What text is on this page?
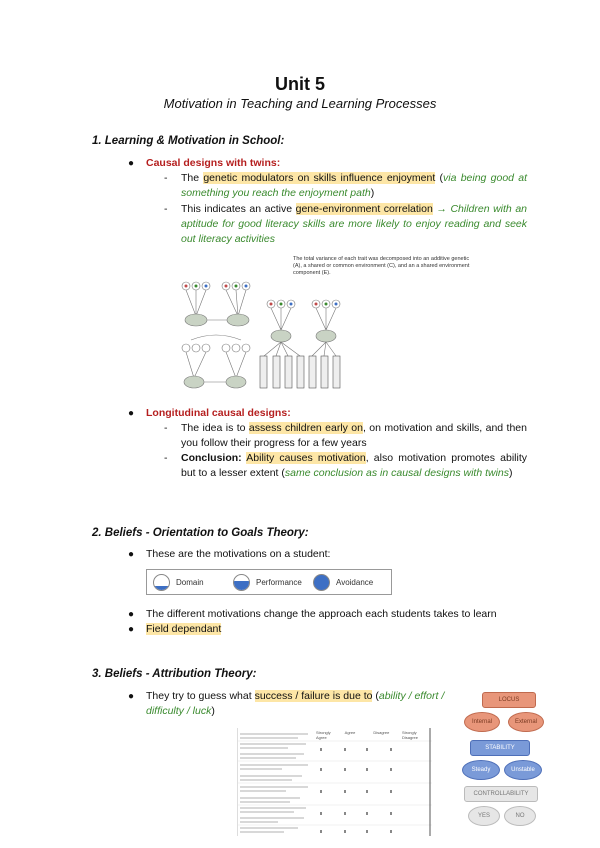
Unit 5
Motivation in Teaching and Learning Processes
1. Learning & Motivation in School:
● Causal designs with twins:
- The genetic modulators on skills influence enjoyment (via being good at something you reach the enjoyment path)
- This indicates an active gene-environment correlation → Children with an aptitude for good literacy skills are more likely to enjoy reading and seek out literacy activities
The total variance of each trait was decomposed into an additive genetic (A), a shared or common environment (C), and an a shared environment component (E).
● Longitudinal causal designs:
- The idea is to assess children early on, on motivation and skills, and then you follow their progress for a few years
- Conclusion: Ability causes motivation, also motivation promotes ability but to a lesser extent (same conclusion as in causal designs with twins)
2. Beliefs - Orientation to Goals Theory:
● These are the motivations on a student:
Domain	Performance	Avoidance
● The different motivations change the approach each students takes to learn
● Field dependant
3. Beliefs - Attribution Theory:
● They try to guess what success / failure is due to (ability / effort / difficulty / luck)
Strongly Agree
Agree	Disagree	Strongly Disagree
LOCUS
Internal	External
STABILITY
Steady	Unstable
CONTROLLABILITY
YES	NO
